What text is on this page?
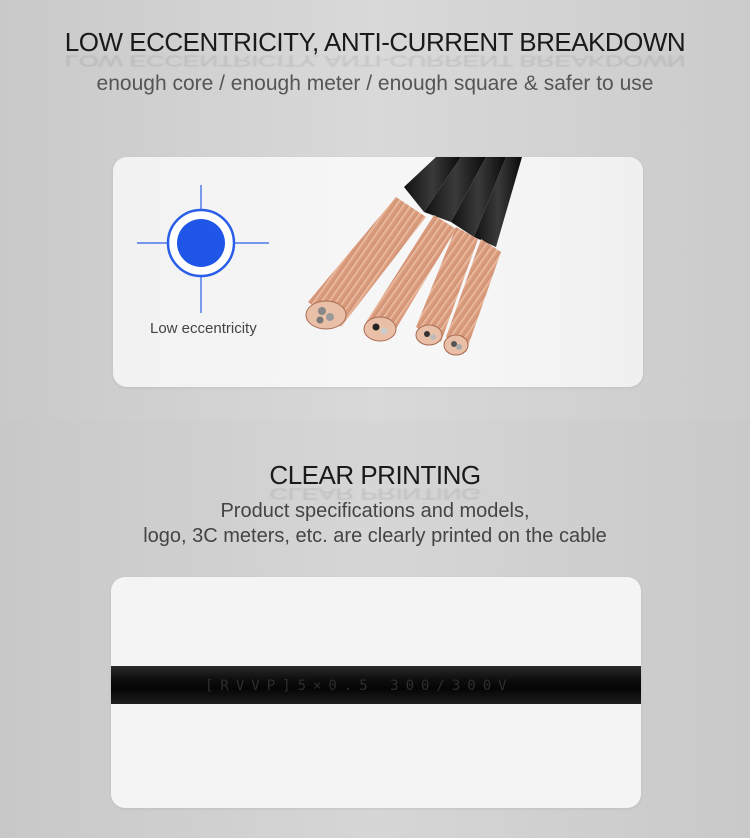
LOW ECCENTRICITY, ANTI-CURRENT BREAKDOWN
LOW ECCENTRICITY, ANTI-CURRENT BREAKDOWN
enough core / enough meter / enough square & safer to use
Low eccentricity
CLEAR PRINTING
CLEAR PRINTING
Product specifications and models,
logo, 3C meters, etc. are clearly printed on the cable
[RVVP]5×0.5 300/300V
